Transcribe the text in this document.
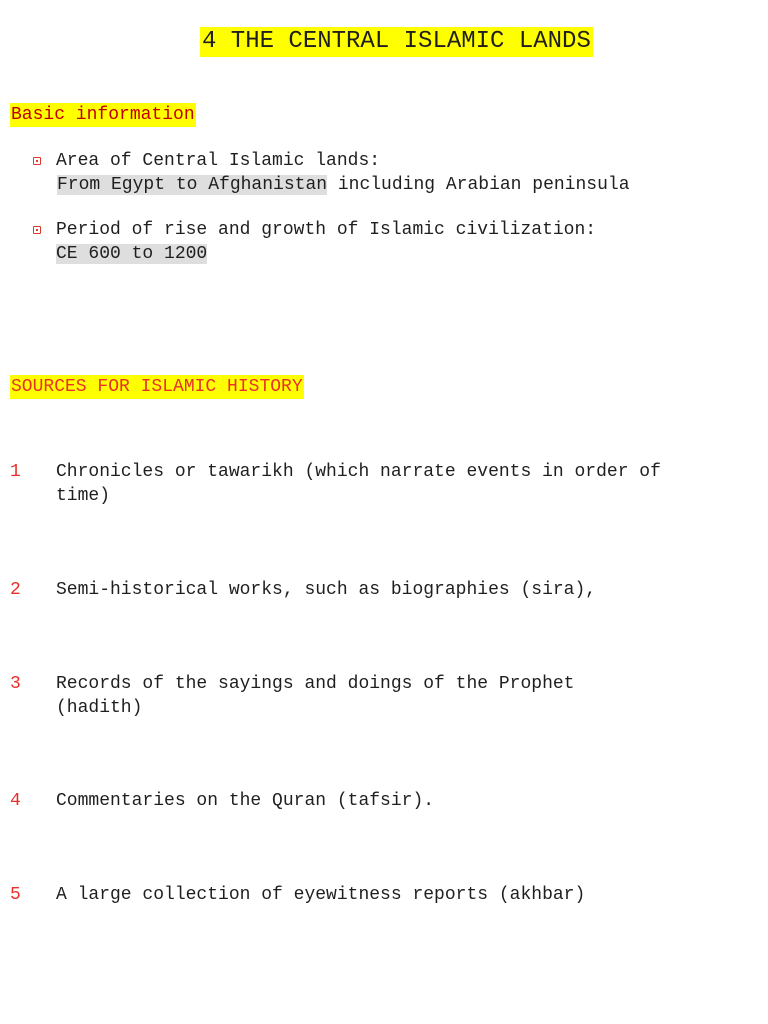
4 THE CENTRAL ISLAMIC LANDS
Basic information
Area of Central Islamic lands:
From Egypt to Afghanistan including Arabian peninsula
Period of rise and growth of Islamic civilization:
CE 600 to 1200
SOURCES FOR ISLAMIC HISTORY
1 Chronicles or tawarikh (which narrate events in order of
time)
2 Semi-historical works, such as biographies (sira),
3 Records of the sayings and doings of the Prophet
(hadith)
4 Commentaries on the Quran (tafsir).
5 A large collection of eyewitness reports (akhbar)
